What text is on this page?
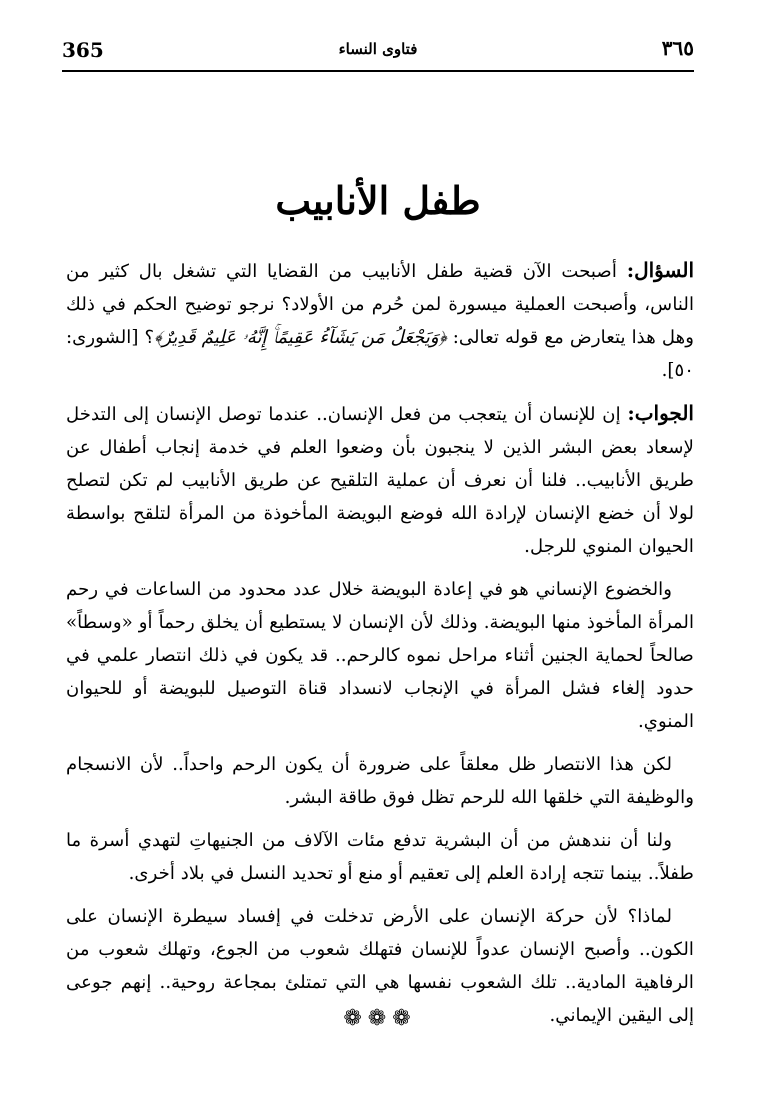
365	فتاوى النساء	٣٦٥
طفل الأنابيب

السؤال: أصبحت الآن قضية طفل الأنابيب من القضايا التي تشغل بال كثير من الناس، وأصبحت العملية ميسورة لمن حُرم من الأولاد؟ نرجو توضيح الحكم في ذلك وهل هذا يتعارض مع قوله تعالى: ﴿وَيَجْعَلُ مَن يَشَآءُ عَقِيمًاۚ إِنَّهُۥ عَلِيمٌ قَدِيرٌ﴾؟ [الشورى: ٥٠].

الجواب: إن للإنسان أن يتعجب من فعل الإنسان.. عندما توصل الإنسان إلى التدخل لإسعاد بعض البشر الذين لا ينجبون بأن وضعوا العلم في خدمة إنجاب أطفال عن طريق الأنابيب.. فلنا أن نعرف أن عملية التلقيح عن طريق الأنابيب لم تكن لتصلح لولا أن خضع الإنسان لإرادة الله فوضع البويضة المأخوذة من المرأة لتلقح بواسطة الحيوان المنوي للرجل.

والخضوع الإنساني هو في إعادة البويضة خلال عدد محدود من الساعات في رحم المرأة المأخوذ منها البويضة. وذلك لأن الإنسان لا يستطيع أن يخلق رحماً أو «وسطاً» صالحاً لحماية الجنين أثناء مراحل نموه كالرحم.. قد يكون في ذلك انتصار علمي في حدود إلغاء فشل المرأة في الإنجاب لانسداد قناة التوصيل للبويضة أو للحيوان المنوي.

لكن هذا الانتصار ظل معلقاً على ضرورة أن يكون الرحم واحداً.. لأن الانسجام والوظيفة التي خلقها الله للرحم تظل فوق طاقة البشر.

ولنا أن نندهش من أن البشرية تدفع مئات الآلاف من الجنيهاتِ لتهدي أسرة ما طفلاً.. بينما تتجه إرادة العلم إلى تعقيم أو منع أو تحديد النسل في بلاد أخرى.

لماذا؟ لأن حركة الإنسان على الأرض تدخلت في إفساد سيطرة الإنسان على الكون.. وأصبح الإنسان عدواً للإنسان فتهلك شعوب من الجوع، وتهلك شعوب من الرفاهية المادية.. تلك الشعوب نفسها هي التي تمتلئ بمجاعة روحية.. إنهم جوعى إلى اليقين الإيماني.

❁❁❁
